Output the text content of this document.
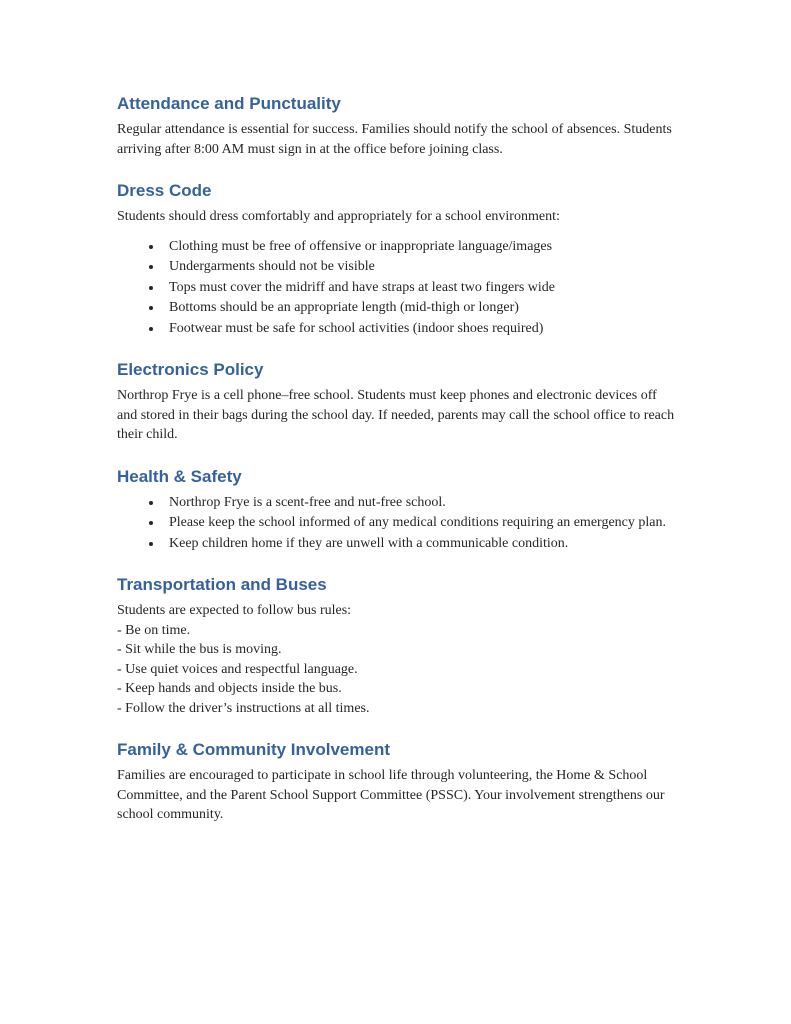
Attendance and Punctuality

Regular attendance is essential for success. Families should notify the school of absences. Students arriving after 8:00 AM must sign in at the office before joining class.

Dress Code

Students should dress comfortably and appropriately for a school environment:

• Clothing must be free of offensive or inappropriate language/images
• Undergarments should not be visible
• Tops must cover the midriff and have straps at least two fingers wide
• Bottoms should be an appropriate length (mid-thigh or longer)
• Footwear must be safe for school activities (indoor shoes required)
Electronics Policy

Northrop Frye is a cell phone–free school. Students must keep phones and electronic devices off and stored in their bags during the school day. If needed, parents may call the school office to reach their child.

Health & Safety
• Northrop Frye is a scent-free and nut-free school.
• Please keep the school informed of any medical conditions requiring an emergency plan.
• Keep children home if they are unwell with a communicable condition.
Transportation and Buses
Students are expected to follow bus rules:
- Be on time.
- Sit while the bus is moving.
- Use quiet voices and respectful language.
- Keep hands and objects inside the bus.
- Follow the driver’s instructions at all times.
Family & Community Involvement

Families are encouraged to participate in school life through volunteering, the Home & School Committee, and the Parent School Support Committee (PSSC). Your involvement strengthens our school community.
